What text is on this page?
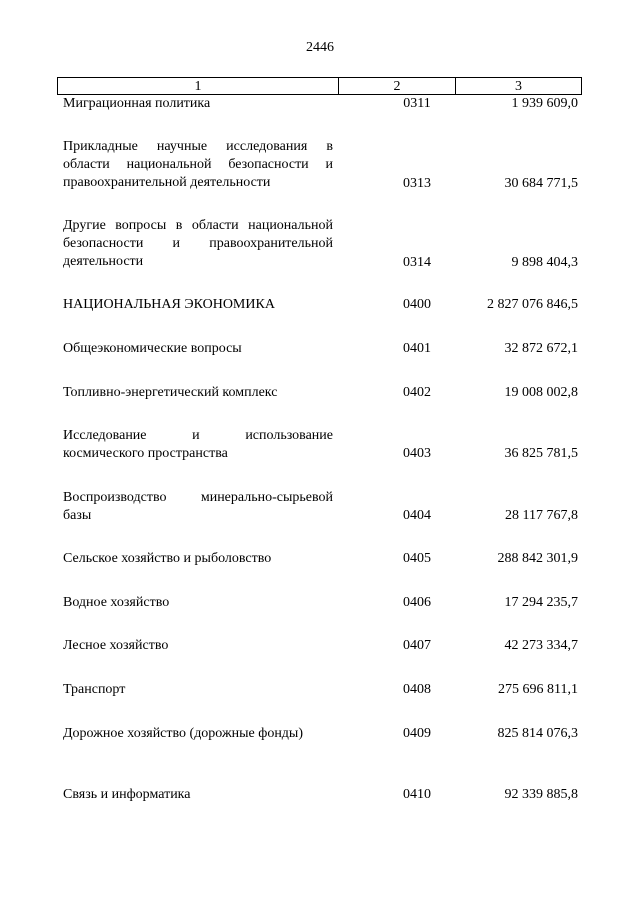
2446
1	2	3
Миграционная политика	0311	1 939 609,0
Прикладные научные исследования в области национальной безопасности и правоохранительной деятельности	0313	30 684 771,5
Другие вопросы в области национальной безопасности и правоохранительной деятельности	0314	9 898 404,3
НАЦИОНАЛЬНАЯ ЭКОНОМИКА	0400	2 827 076 846,5
Общеэкономические вопросы	0401	32 872 672,1
Топливно-энергетический комплекс	0402	19 008 002,8
Исследование и использование космического пространства	0403	36 825 781,5
Воспроизводство минерально-сырьевой базы	0404	28 117 767,8
Сельское хозяйство и рыболовство	0405	288 842 301,9
Водное хозяйство	0406	17 294 235,7
Лесное хозяйство	0407	42 273 334,7
Транспорт	0408	275 696 811,1
Дорожное хозяйство (дорожные фонды)	0409	825 814 076,3
Связь и информатика	0410	92 339 885,8
